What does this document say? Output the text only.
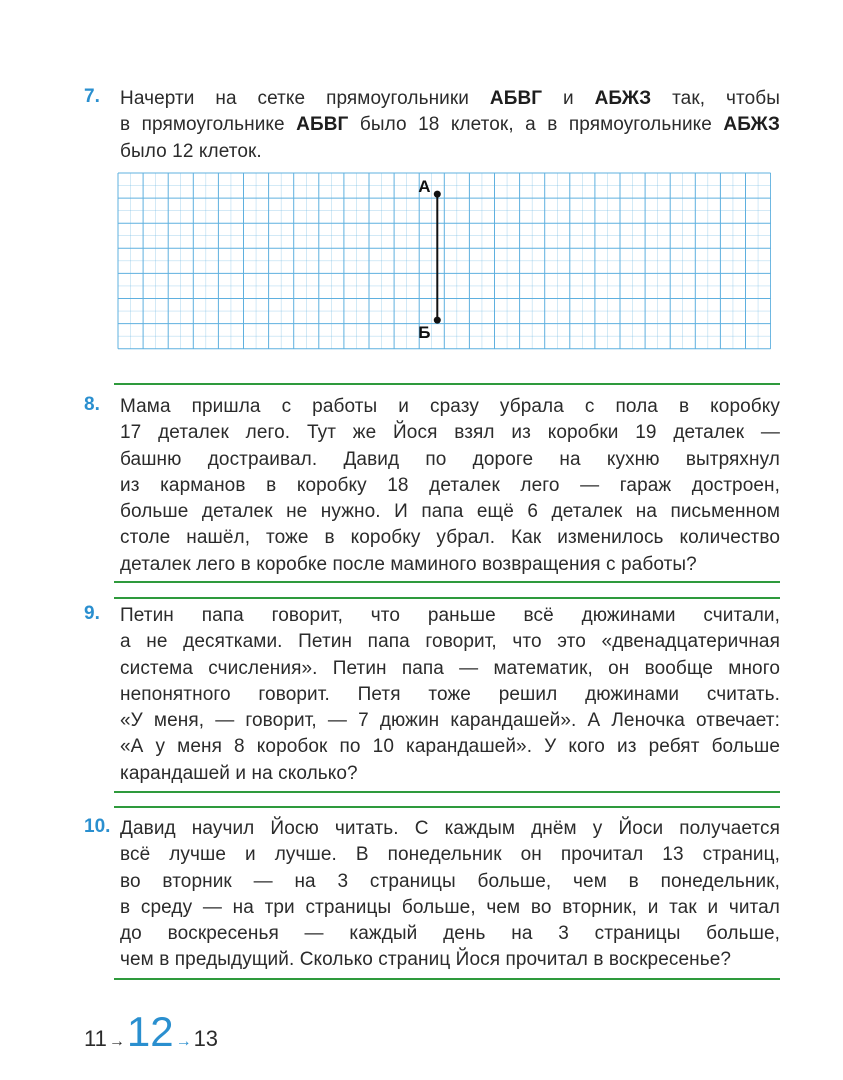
7. Начерти на сетке прямоугольники АБВГ и АБЖЗ так, чтобы
в прямоугольнике АБВГ было 18 клеток, а в прямоугольнике АБЖЗ
было 12 клеток.
А
Б
8. Мама пришла с работы и сразу убрала с пола в коробку
17 деталек лего. Тут же Йося взял из коробки 19 деталек —
башню достраивал. Давид по дороге на кухню вытряхнул
из карманов в коробку 18 деталек лего — гараж достроен,
больше деталек не нужно. И папа ещё 6 деталек на письменном
столе нашёл, тоже в коробку убрал. Как изменилось количество
деталек лего в коробке после маминого возвращения с работы?
9. Петин папа говорит, что раньше всё дюжинами считали,
а не десятками. Петин папа говорит, что это «двенадцатеричная
система счисления». Петин папа — математик, он вообще много
непонятного говорит. Петя тоже решил дюжинами считать.
«У меня, — говорит, — 7 дюжин карандашей». А Леночка отвечает:
«А у меня 8 коробок по 10 карандашей». У кого из ребят больше
карандашей и на сколько?
10. Давид научил Йосю читать. С каждым днём у Йоси получается
всё лучше и лучше. В понедельник он прочитал 13 страниц,
во вторник — на 3 страницы больше, чем в понедельник,
в среду — на три страницы больше, чем во вторник, и так и читал
до воскресенья — каждый день на 3 страницы больше,
чем в предыдущий. Сколько страниц Йося прочитал в воскресенье?
11 → 12 → 13
